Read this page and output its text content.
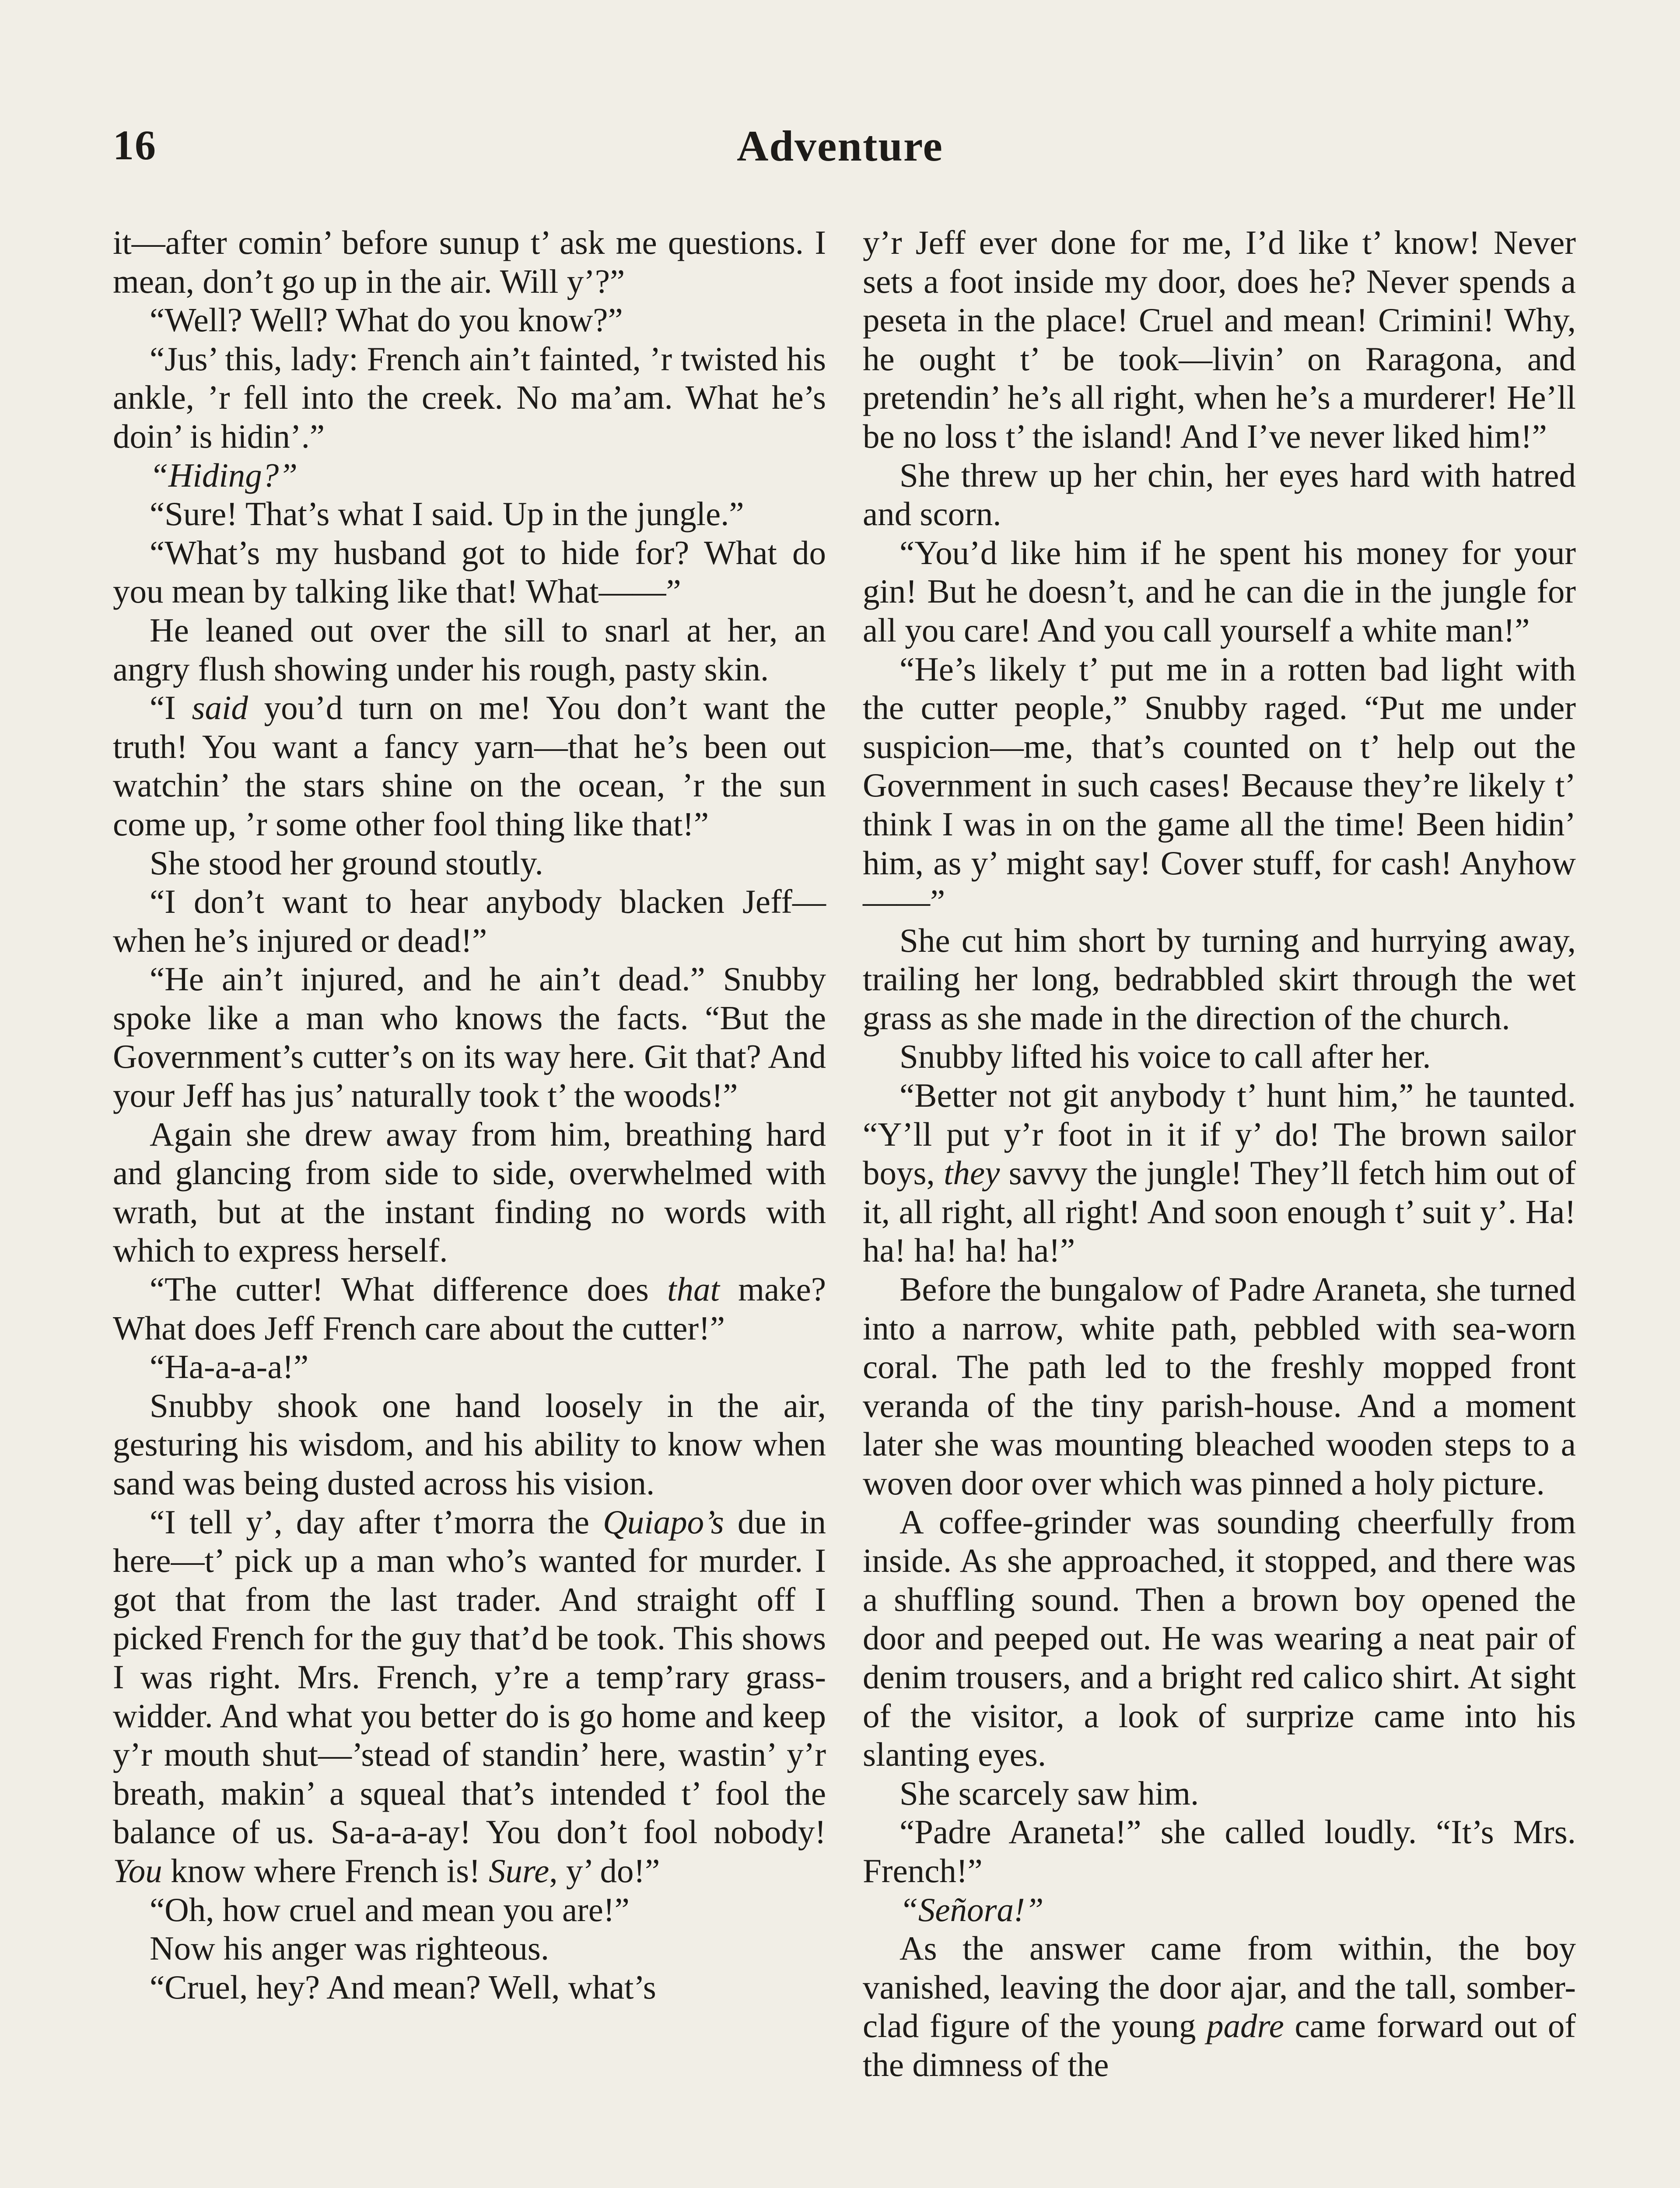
16	Adventure

it—after comin’ before sunup t’ ask me questions. I mean, don’t go up in the air. Will y’?”

“Well? Well? What do you know?”

“Jus’ this, lady: French ain’t fainted, ’r twisted his ankle, ’r fell into the creek. No ma’am. What he’s doin’ is hidin’.”

“Hiding?”

“Sure! That’s what I said. Up in the jungle.”

“What’s my husband got to hide for? What do you mean by talking like that! What——”

He leaned out over the sill to snarl at her, an angry flush showing under his rough, pasty skin.

“I said you’d turn on me! You don’t want the truth! You want a fancy yarn—that he’s been out watchin’ the stars shine on the ocean, ’r the sun come up, ’r some other fool thing like that!”

She stood her ground stoutly.

“I don’t want to hear anybody blacken Jeff—when he’s injured or dead!”

“He ain’t injured, and he ain’t dead.” Snubby spoke like a man who knows the facts. “But the Government’s cutter’s on its way here. Git that? And your Jeff has jus’ naturally took t’ the woods!”

Again she drew away from him, breathing hard and glancing from side to side, overwhelmed with wrath, but at the instant finding no words with which to express herself.

“The cutter! What difference does that make? What does Jeff French care about the cutter!”

“Ha-a-a-a!”

Snubby shook one hand loosely in the air, gesturing his wisdom, and his ability to know when sand was being dusted across his vision.

“I tell y’, day after t’morra the Quiapo’s due in here—t’ pick up a man who’s wanted for murder. I got that from the last trader. And straight off I picked French for the guy that’d be took. This shows I was right. Mrs. French, y’re a temp’rary grass-widder. And what you better do is go home and keep y’r mouth shut—’stead of standin’ here, wastin’ y’r breath, makin’ a squeal that’s intended t’ fool the balance of us. Sa-a-a-ay! You don’t fool nobody! You know where French is! Sure, y’ do!”

“Oh, how cruel and mean you are!”

Now his anger was righteous.

“Cruel, hey? And mean? Well, what’s

y’r Jeff ever done for me, I’d like t’ know! Never sets a foot inside my door, does he? Never spends a peseta in the place! Cruel and mean! Crimini! Why, he ought t’ be took—livin’ on Raragona, and pretendin’ he’s all right, when he’s a murderer! He’ll be no loss t’ the island! And I’ve never liked him!”

She threw up her chin, her eyes hard with hatred and scorn.

“You’d like him if he spent his money for your gin! But he doesn’t, and he can die in the jungle for all you care! And you call yourself a white man!”

“He’s likely t’ put me in a rotten bad light with the cutter people,” Snubby raged. “Put me under suspicion—me, that’s counted on t’ help out the Government in such cases! Because they’re likely t’ think I was in on the game all the time! Been hidin’ him, as y’ might say! Cover stuff, for cash! Anyhow——”

She cut him short by turning and hurrying away, trailing her long, bedrabbled skirt through the wet grass as she made in the direction of the church.

Snubby lifted his voice to call after her.

“Better not git anybody t’ hunt him,” he taunted. “Y’ll put y’r foot in it if y’ do! The brown sailor boys, they savvy the jungle! They’ll fetch him out of it, all right, all right! And soon enough t’ suit y’. Ha! ha! ha! ha! ha!”

Before the bungalow of Padre Araneta, she turned into a narrow, white path, pebbled with sea-worn coral. The path led to the freshly mopped front veranda of the tiny parish-house. And a moment later she was mounting bleached wooden steps to a woven door over which was pinned a holy picture.

A coffee-grinder was sounding cheerfully from inside. As she approached, it stopped, and there was a shuffling sound. Then a brown boy opened the door and peeped out. He was wearing a neat pair of denim trousers, and a bright red calico shirt. At sight of the visitor, a look of surprize came into his slanting eyes.

She scarcely saw him.

“Padre Araneta!” she called loudly. “It’s Mrs. French!”

“Señora!”

As the answer came from within, the boy vanished, leaving the door ajar, and the tall, somber-clad figure of the young padre came forward out of the dimness of the
